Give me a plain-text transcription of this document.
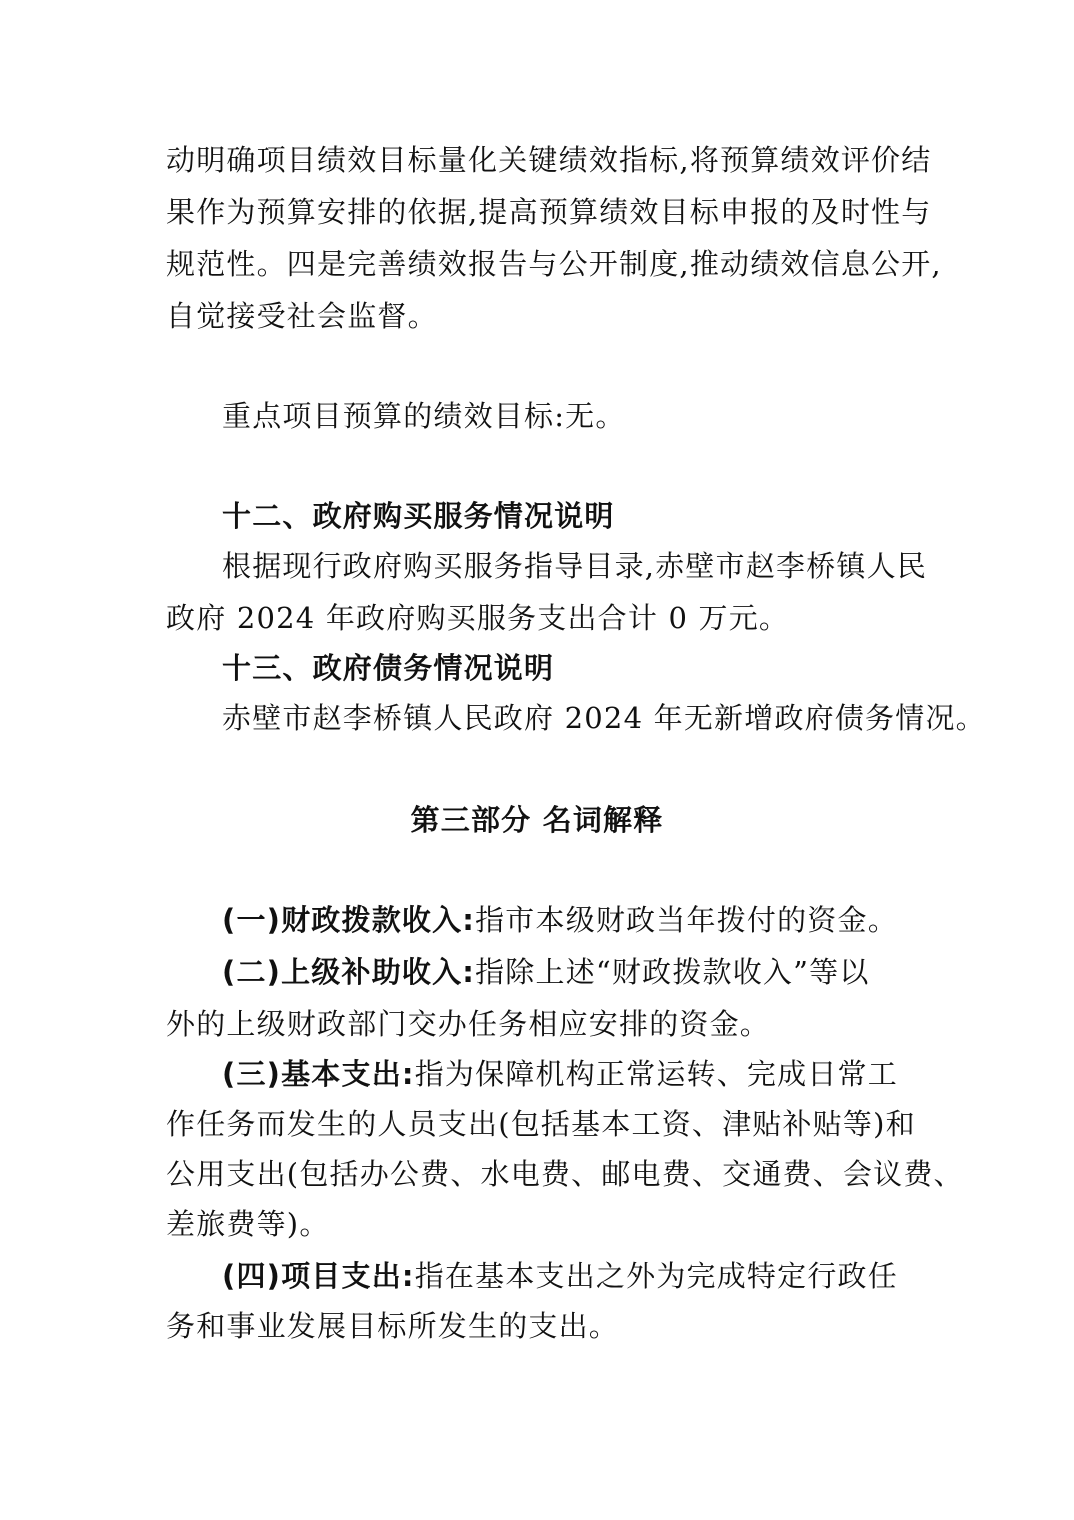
动明确项目绩效目标量化关键绩效指标,将预算绩效评价结
果作为预算安排的依据,提高预算绩效目标申报的及时性与
规范性。四是完善绩效报告与公开制度,推动绩效信息公开,
自觉接受社会监督。
重点项目预算的绩效目标:无。
十二、政府购买服务情况说明
根据现行政府购买服务指导目录,赤壁市赵李桥镇人民
政府 2024 年政府购买服务支出合计 0 万元。
十三、政府债务情况说明
赤壁市赵李桥镇人民政府 2024 年无新增政府债务情况。
第三部分 名词解释
(一)财政拨款收入:指市本级财政当年拨付的资金。
(二)上级补助收入:指除上述“财政拨款收入”等以
外的上级财政部门交办任务相应安排的资金。
(三)基本支出:指为保障机构正常运转、完成日常工
作任务而发生的人员支出(包括基本工资、津贴补贴等)和
公用支出(包括办公费、水电费、邮电费、交通费、会议费、
差旅费等)。
(四)项目支出:指在基本支出之外为完成特定行政任
务和事业发展目标所发生的支出。
